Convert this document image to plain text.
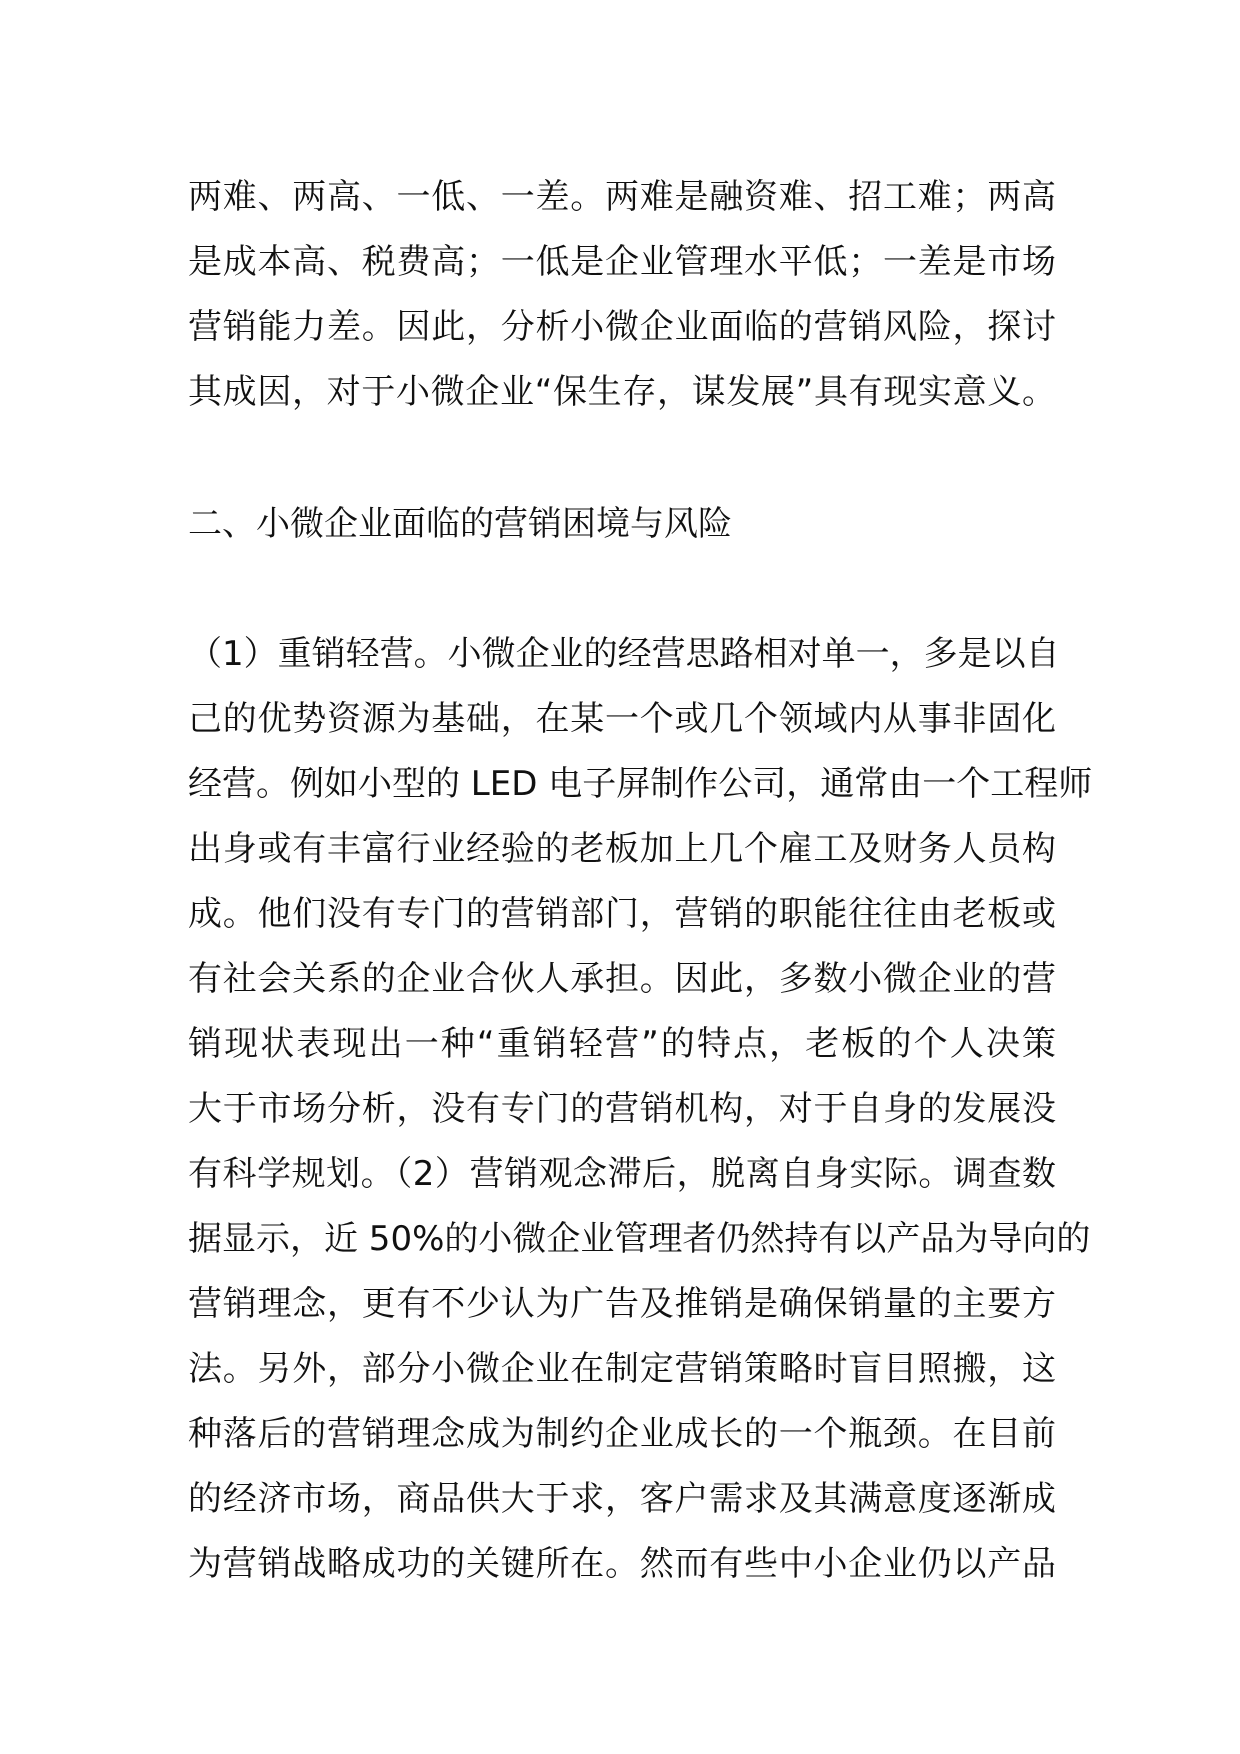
两难、两高、一低、一差。两难是融资难、招工难；两高
是成本高、税费高；一低是企业管理水平低；一差是市场
营销能力差。因此，分析小微企业面临的营销风险，探讨
其成因，对于小微企业“保生存，谋发展”具有现实意义。
二、小微企业面临的营销困境与风险
（1）重销轻营。小微企业的经营思路相对单一，多是以自
己的优势资源为基础，在某一个或几个领域内从事非固化
经营。例如小型的 LED 电子屏制作公司，通常由一个工程师
出身或有丰富行业经验的老板加上几个雇工及财务人员构
成。他们没有专门的营销部门，营销的职能往往由老板或
有社会关系的企业合伙人承担。因此，多数小微企业的营
销现状表现出一种“重销轻营”的特点，老板的个人决策
大于市场分析，没有专门的营销机构，对于自身的发展没
有科学规划。（2）营销观念滞后，脱离自身实际。调查数
据显示，近 50%的小微企业管理者仍然持有以产品为导向的
营销理念，更有不少认为广告及推销是确保销量的主要方
法。另外，部分小微企业在制定营销策略时盲目照搬，这
种落后的营销理念成为制约企业成长的一个瓶颈。在目前
的经济市场，商品供大于求，客户需求及其满意度逐渐成
为营销战略成功的关键所在。然而有些中小企业仍以产品
